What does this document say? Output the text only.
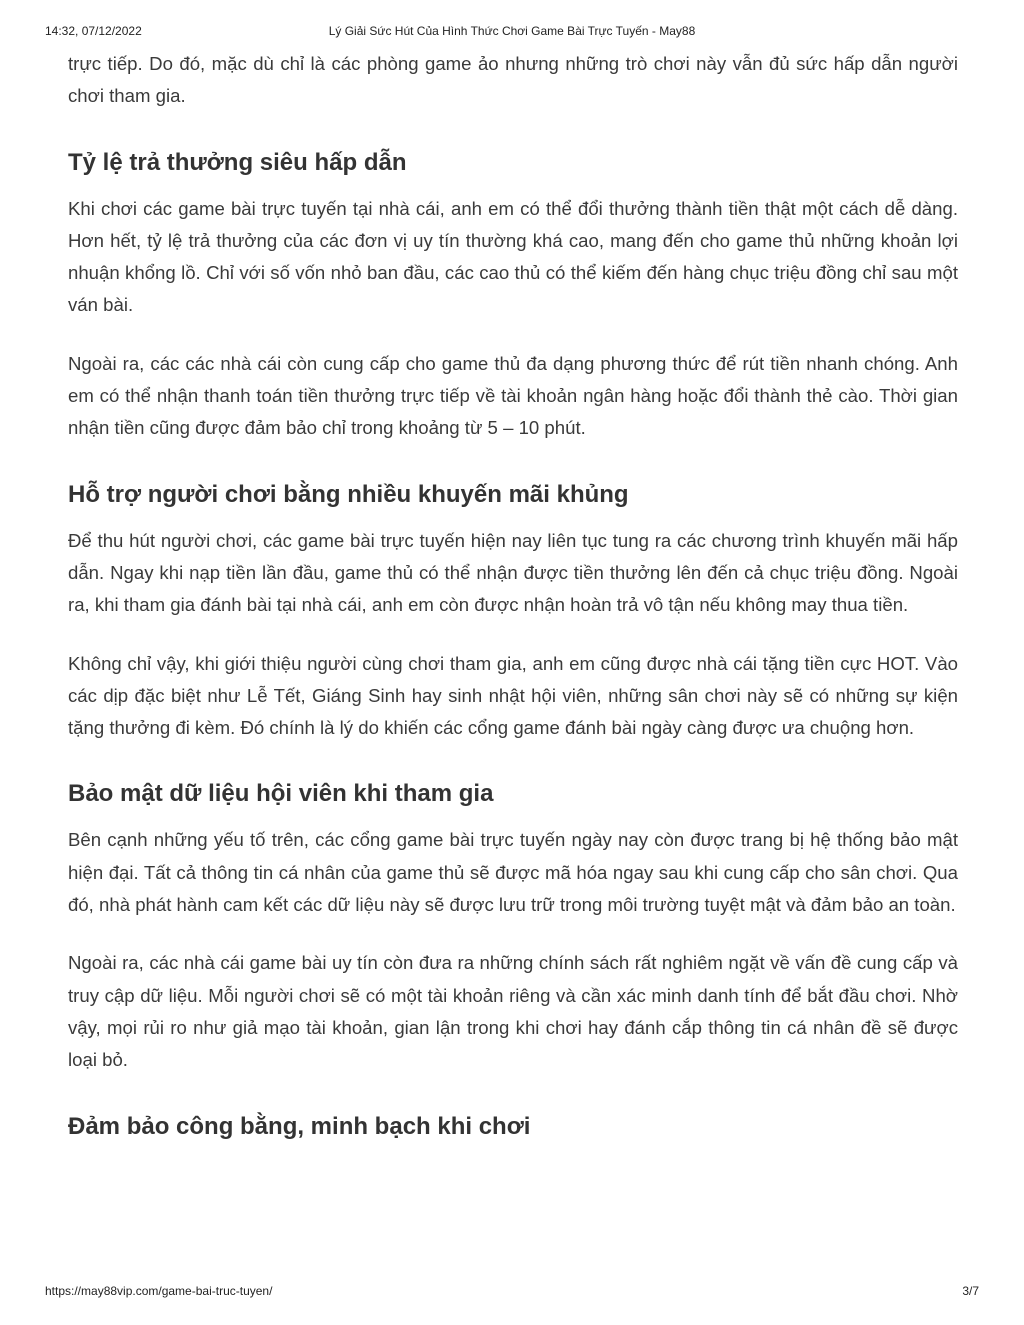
14:32, 07/12/2022	Lý Giải Sức Hút Của Hình Thức Chơi Game Bài Trực Tuyến - May88

trực tiếp. Do đó, mặc dù chỉ là các phòng game ảo nhưng những trò chơi này vẫn đủ sức hấp dẫn người chơi tham gia.

Tỷ lệ trả thưởng siêu hấp dẫn

Khi chơi các game bài trực tuyến tại nhà cái, anh em có thể đổi thưởng thành tiền thật một cách dễ dàng. Hơn hết, tỷ lệ trả thưởng của các đơn vị uy tín thường khá cao, mang đến cho game thủ những khoản lợi nhuận khổng lồ. Chỉ với số vốn nhỏ ban đầu, các cao thủ có thể kiếm đến hàng chục triệu đồng chỉ sau một ván bài.

Ngoài ra, các các nhà cái còn cung cấp cho game thủ đa dạng phương thức để rút tiền nhanh chóng. Anh em có thể nhận thanh toán tiền thưởng trực tiếp về tài khoản ngân hàng hoặc đổi thành thẻ cào. Thời gian nhận tiền cũng được đảm bảo chỉ trong khoảng từ 5 – 10 phút.

Hỗ trợ người chơi bằng nhiều khuyến mãi khủng

Để thu hút người chơi, các game bài trực tuyến hiện nay liên tục tung ra các chương trình khuyến mãi hấp dẫn. Ngay khi nạp tiền lần đầu, game thủ có thể nhận được tiền thưởng lên đến cả chục triệu đồng. Ngoài ra, khi tham gia đánh bài tại nhà cái, anh em còn được nhận hoàn trả vô tận nếu không may thua tiền.

Không chỉ vậy, khi giới thiệu người cùng chơi tham gia, anh em cũng được nhà cái tặng tiền cực HOT. Vào các dịp đặc biệt như Lễ Tết, Giáng Sinh hay sinh nhật hội viên, những sân chơi này sẽ có những sự kiện tặng thưởng đi kèm. Đó chính là lý do khiến các cổng game đánh bài ngày càng được ưa chuộng hơn.

Bảo mật dữ liệu hội viên khi tham gia

Bên cạnh những yếu tố trên, các cổng game bài trực tuyến ngày nay còn được trang bị hệ thống bảo mật hiện đại. Tất cả thông tin cá nhân của game thủ sẽ được mã hóa ngay sau khi cung cấp cho sân chơi. Qua đó, nhà phát hành cam kết các dữ liệu này sẽ được lưu trữ trong môi trường tuyệt mật và đảm bảo an toàn.

Ngoài ra, các nhà cái game bài uy tín còn đưa ra những chính sách rất nghiêm ngặt về vấn đề cung cấp và truy cập dữ liệu. Mỗi người chơi sẽ có một tài khoản riêng và cần xác minh danh tính để bắt đầu chơi. Nhờ vậy, mọi rủi ro như giả mạo tài khoản, gian lận trong khi chơi hay đánh cắp thông tin cá nhân đề sẽ được loại bỏ.

Đảm bảo công bằng, minh bạch khi chơi
https://may88vip.com/game-bai-truc-tuyen/	3/7
